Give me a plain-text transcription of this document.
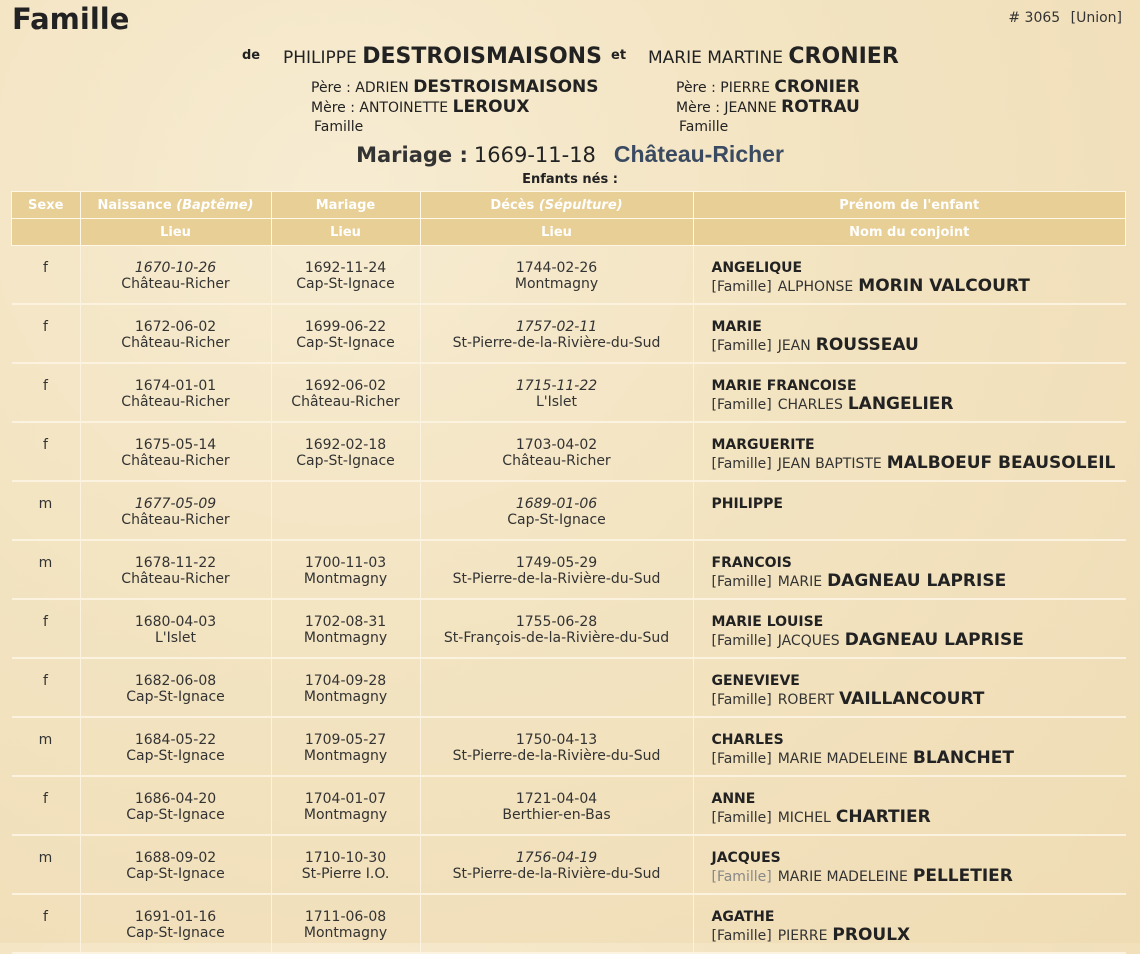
Famille	# 3065 [Union]
de PHILIPPE DESTROISMAISONS et MARIE MARTINE CRONIER
Père : ADRIEN DESTROISMAISONS
Mère : ANTOINETTE LEROUX
Famille
Père : PIERRE CRONIER
Mère : JEANNE ROTRAU
Famille
Mariage : 1669-11-18 Château-Richer
Enfants nés :
Sexe	Naissance (Baptême)	Mariage	Décès (Sépulture)	Prénom de l'enfant
	Lieu	Lieu	Lieu	Nom du conjoint
f	1670-10-26	1692-11-24	1744-02-26	ANGELIQUE
	Château-Richer	Cap-St-Ignace	Montmagny	[Famille] ALPHONSE MORIN VALCOURT
f	1672-06-02	1699-06-22	1757-02-11	MARIE
	Château-Richer	Cap-St-Ignace	St-Pierre-de-la-Rivière-du-Sud	[Famille] JEAN ROUSSEAU
f	1674-01-01	1692-06-02	1715-11-22	MARIE FRANCOISE
	Château-Richer	Château-Richer	L'Islet	[Famille] CHARLES LANGELIER
f	1675-05-14	1692-02-18	1703-04-02	MARGUERITE
	Château-Richer	Cap-St-Ignace	Château-Richer	[Famille] JEAN BAPTISTE MALBOEUF BEAUSOLEIL
m	1677-05-09		1689-01-06	PHILIPPE
	Château-Richer		Cap-St-Ignace	
m	1678-11-22	1700-11-03	1749-05-29	FRANCOIS
	Château-Richer	Montmagny	St-Pierre-de-la-Rivière-du-Sud	[Famille] MARIE DAGNEAU LAPRISE
f	1680-04-03	1702-08-31	1755-06-28	MARIE LOUISE
	L'Islet	Montmagny	St-François-de-la-Rivière-du-Sud	[Famille] JACQUES DAGNEAU LAPRISE
f	1682-06-08	1704-09-28		GENEVIEVE
	Cap-St-Ignace	Montmagny		[Famille] ROBERT VAILLANCOURT
m	1684-05-22	1709-05-27	1750-04-13	CHARLES
	Cap-St-Ignace	Montmagny	St-Pierre-de-la-Rivière-du-Sud	[Famille] MARIE MADELEINE BLANCHET
f	1686-04-20	1704-01-07	1721-04-04	ANNE
	Cap-St-Ignace	Montmagny	Berthier-en-Bas	[Famille] MICHEL CHARTIER
m	1688-09-02	1710-10-30	1756-04-19	JACQUES
	Cap-St-Ignace	St-Pierre I.O.	St-Pierre-de-la-Rivière-du-Sud	[Famille] MARIE MADELEINE PELLETIER
f	1691-01-16	1711-06-08		AGATHE
	Cap-St-Ignace	Montmagny		[Famille] PIERRE PROULX
